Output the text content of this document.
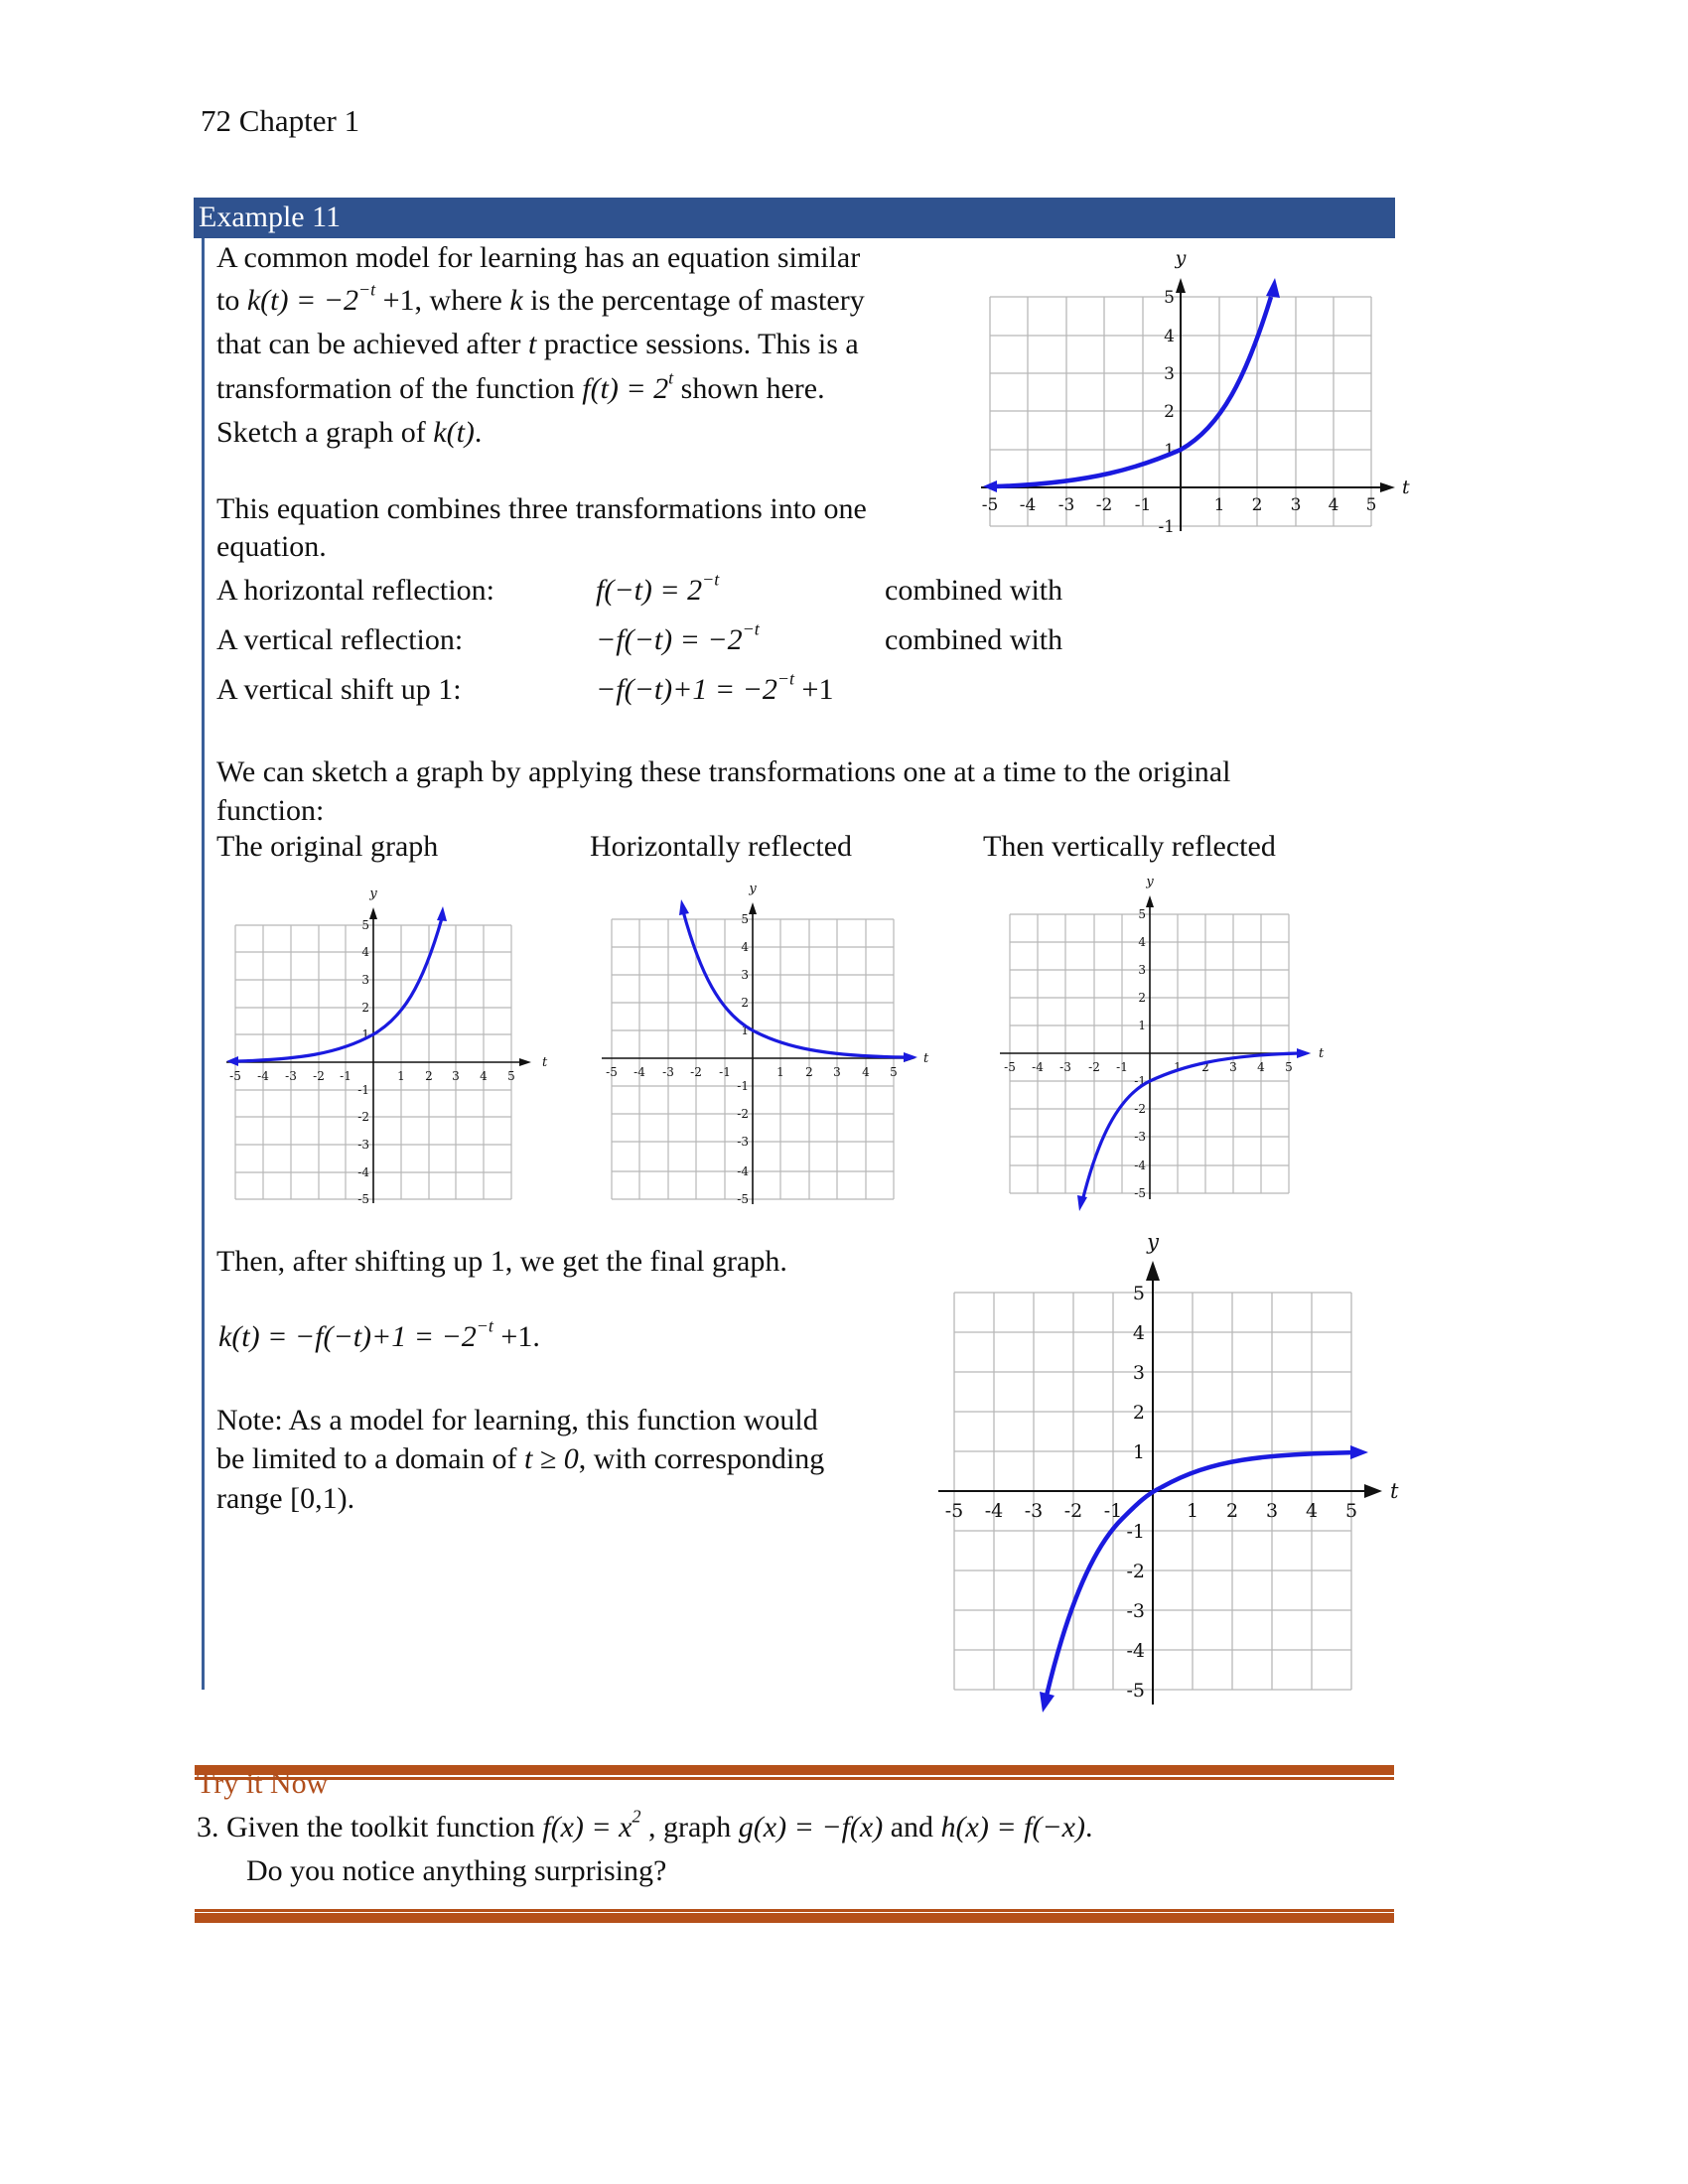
72 Chapter 1
Example 11
A common model for learning has an equation similar
to $k(t) = -2^{-t} +1$, where k is the percentage of mastery
that can be achieved after t practice sessions. This is a
transformation of the function $f(t) = 2^t$ shown here.
Sketch a graph of k(t).
-5 -4 -3 -2 -1	1 2 3 4 5
5
4
3
2
1
-1
t
y
This equation combines three transformations into one
equation.
A horizontal reflection:	$f(-t) = 2^{-t}$	combined with
A vertical reflection:	$-f(-t) = -2^{-t}$	combined with
A vertical shift up 1:	$-f(-t)+1 = -2^{-t} +1$
We can sketch a graph by applying these transformations one at a time to the original
function:
The original graph	Horizontally reflected	Then vertically reflected
-5 -4 -3 -2 -1	1 2 3 4 5
5
4
3
2
1
-1
-2
-3
-4
-5
t
y
-5 -4 -3 -2 -1	1 2 3 4 5
5
4
3
2
1
-1
-2
-3
-4
-5
t
y
-5 -4 -3 -2 -1	1 2 3 4 5
5
4
3
2
1
-1
-2
-3
-4
-5
t
y
Then, after shifting up 1, we get the final graph.
$k(t) = -f(-t)+1 = -2^{-t} +1$.
Note: As a model for learning, this function would
be limited to a domain of t ≥ 0, with corresponding
range [0,1).	-5 -4 -3 -2 -1	1 2 3 4 5
5
4
3
2
1
-1
-2
-3
-4
-5
t
y
Try it Now
3. Given the toolkit function $f(x) = x^2$ , graph g(x) = −f(x) and h(x) = f(−x).
Do you notice anything surprising?
